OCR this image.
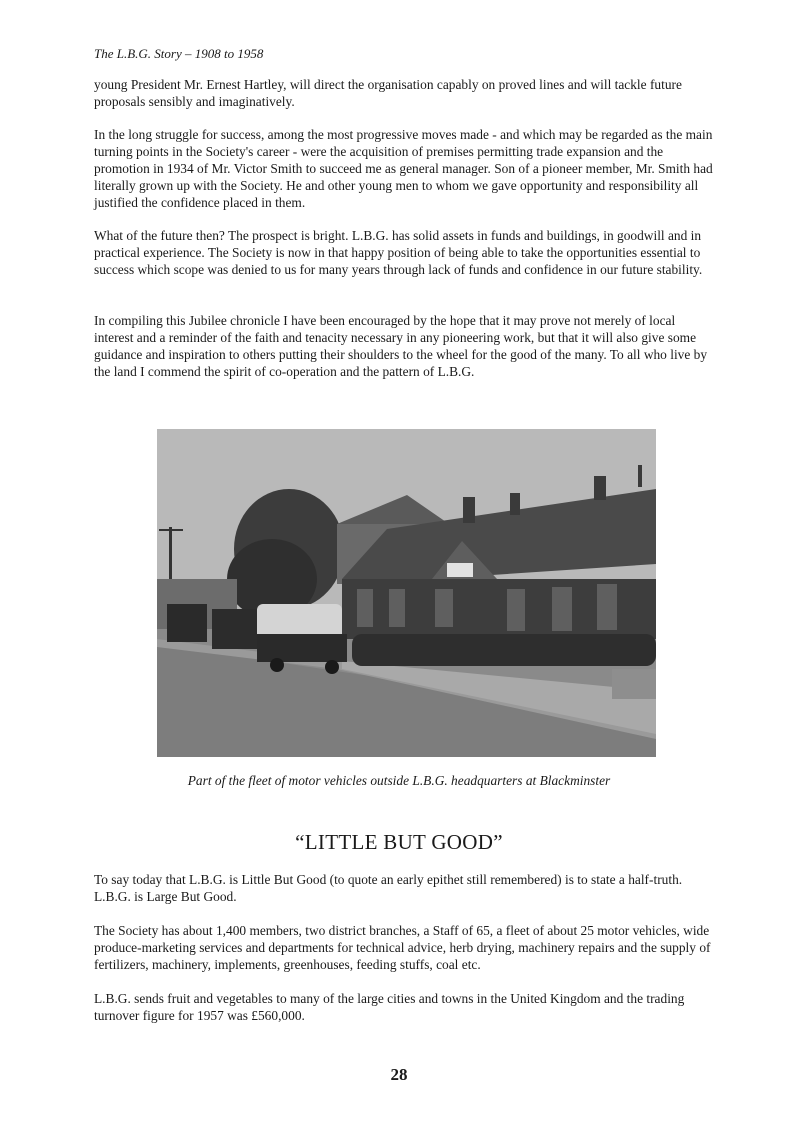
The L.B.G. Story – 1908 to 1958

young President Mr. Ernest Hartley, will direct the organisation capably on proved lines and will tackle future proposals sensibly and imaginatively.

In the long struggle for success, among the most progressive moves made - and which may be regarded as the main turning points in the Society's career - were the acquisition of premises permitting trade expansion and the promotion in 1934 of Mr. Victor Smith to succeed me as general manager. Son of a pioneer member, Mr. Smith had literally grown up with the Society. He and other young men to whom we gave opportunity and responsibility all justified the confidence placed in them.

What of the future then? The prospect is bright. L.B.G. has solid assets in funds and buildings, in goodwill and in practical experience. The Society is now in that happy position of being able to take the opportunities essential to success which scope was denied to us for many years through lack of funds and confidence in our future stability.

In compiling this Jubilee chronicle I have been encouraged by the hope that it may prove not merely of local interest and a reminder of the faith and tenacity necessary in any pioneering work, but that it will also give some guidance and inspiration to others putting their shoulders to the wheel for the good of the many. To all who live by the land I commend the spirit of co-operation and the pattern of L.B.G.

Part of the fleet of motor vehicles outside L.B.G. headquarters at Blackminster
“LITTLE BUT GOOD”

To say today that L.B.G. is Little But Good (to quote an early epithet still remembered) is to state a half-truth. L.B.G. is Large But Good.

The Society has about 1,400 members, two district branches, a Staff of 65, a fleet of about 25 motor vehicles, wide produce-marketing services and departments for technical advice, herb drying, machinery repairs and the supply of fertilizers, machinery, implements, greenhouses, feeding stuffs, coal etc.

L.B.G. sends fruit and vegetables to many of the large cities and towns in the United Kingdom and the trading turnover figure for 1957 was £560,000.

28
